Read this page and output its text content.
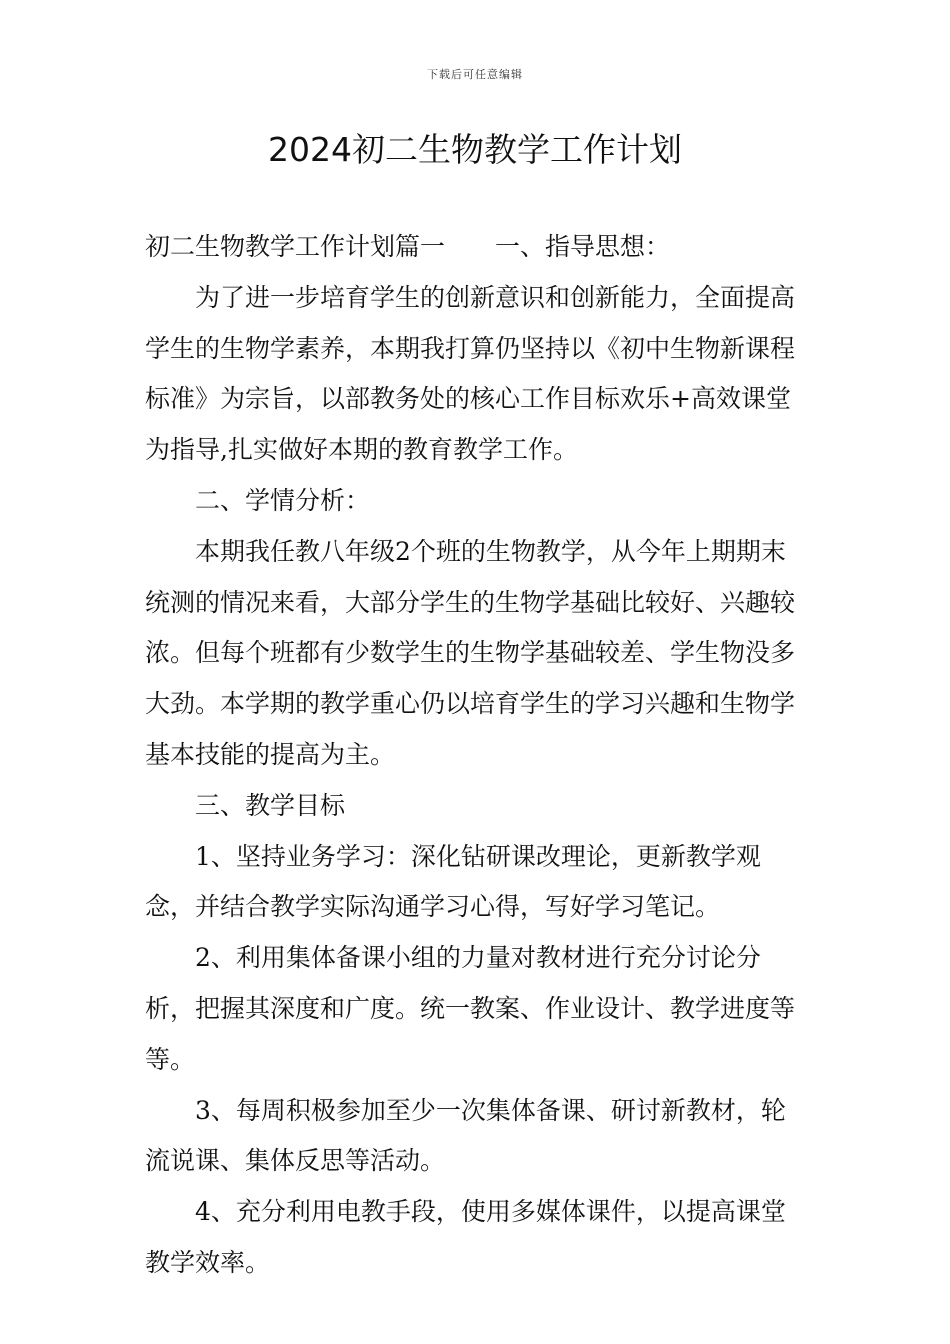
下载后可任意编辑
2024初二生物教学工作计划

初二生物教学工作计划篇一 一、指导思想：

为了进一步培育学生的创新意识和创新能力，全面提高学生的生物学素养，本期我打算仍坚持以《初中生物新课程标准》为宗旨，以部教务处的核心工作目标欢乐+高效课堂为指导,扎实做好本期的教育教学工作。

二、学情分析：

本期我任教八年级2个班的生物教学，从今年上期期末统测的情况来看，大部分学生的生物学基础比较好、兴趣较浓。但每个班都有少数学生的生物学基础较差、学生物没多大劲。本学期的教学重心仍以培育学生的学习兴趣和生物学基本技能的提高为主。

三、教学目标

1、坚持业务学习：深化钻研课改理论，更新教学观念，并结合教学实际沟通学习心得，写好学习笔记。

2、利用集体备课小组的力量对教材进行充分讨论分析，把握其深度和广度。统一教案、作业设计、教学进度等等。

3、每周积极参加至少一次集体备课、研讨新教材，轮流说课、集体反思等活动。

4、充分利用电教手段，使用多媒体课件，以提高课堂教学效率。
